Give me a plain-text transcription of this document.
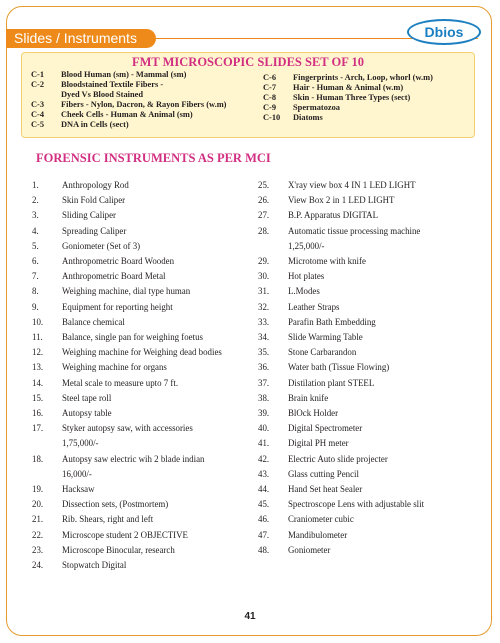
Slides / Instruments	Dbios
FMT MICROSCOPIC SLIDES SET OF 10
C-1	Blood Human (sm) - Mammal (sm)
C-2	Bloodstained Textile Fibers -
Dyed Vs Blood Stained
C-3	Fibers - Nylon, Dacron, & Rayon Fibers (w.m)
C-4	Cheek Cells - Human & Animal (sm)
C-5	DNA in Cells (sect)
C-6	Fingerprints - Arch, Loop, whorl (w.m)
C-7	Hair - Human & Animal (w.m)
C-8	Skin - Human Three Types (sect)
C-9	Spermatozoa
C-10	Diatoms
FORENSIC INSTRUMENTS AS PER MCI
1.	Anthropology Rod
2.	Skin Fold Caliper
3.	Sliding Caliper
4.	Spreading Caliper
5.	Goniometer (Set of 3)
6.	Anthropometric Board Wooden
7.	Anthropometric Board Metal
8.	Weighing machine, dial type human
9.	Equipment for reporting height
10.	Balance chemical
11.	Balance, single pan for weighing foetus
12.	Weighing machine for Weighing dead bodies
13.	Weighing machine for organs
14.	Metal scale to measure upto 7 ft.
15.	Steel tape roll
16.	Autopsy table
17.	Styker autopsy saw, with accessories
1,75,000/-
18.	Autopsy saw electric wih 2 blade indian
16,000/-
19.	Hacksaw
20.	Dissection sets, (Postmortem)
21.	Rib. Shears, right and left
22.	Microscope student 2 OBJECTIVE
23.	Microscope Binocular, research
24.	Stopwatch Digital
25.	X'ray view box 4 IN 1 LED LIGHT
26.	View Box 2 in 1 LED LIGHT
27.	B.P. Apparatus DIGITAL
28.	Automatic tissue processing machine
1,25,000/-
29.	Microtome with knife
30.	Hot plates
31.	L.Modes
32.	Leather Straps
33.	Parafin Bath Embedding
34.	Slide Warming Table
35.	Stone Carbarandon
36.	Water bath (Tissue Flowing)
37.	Distilation plant STEEL
38.	Brain knife
39.	BlOck Holder
40.	Digital Spectrometer
41.	Digital PH meter
42.	Electric Auto slide projecter
43.	Glass cutting Pencil
44.	Hand Set heat Sealer
45.	Spectroscope Lens with adjustable slit
46.	Craniometer cubic
47.	Mandibulometer
48.	Goniometer
41
